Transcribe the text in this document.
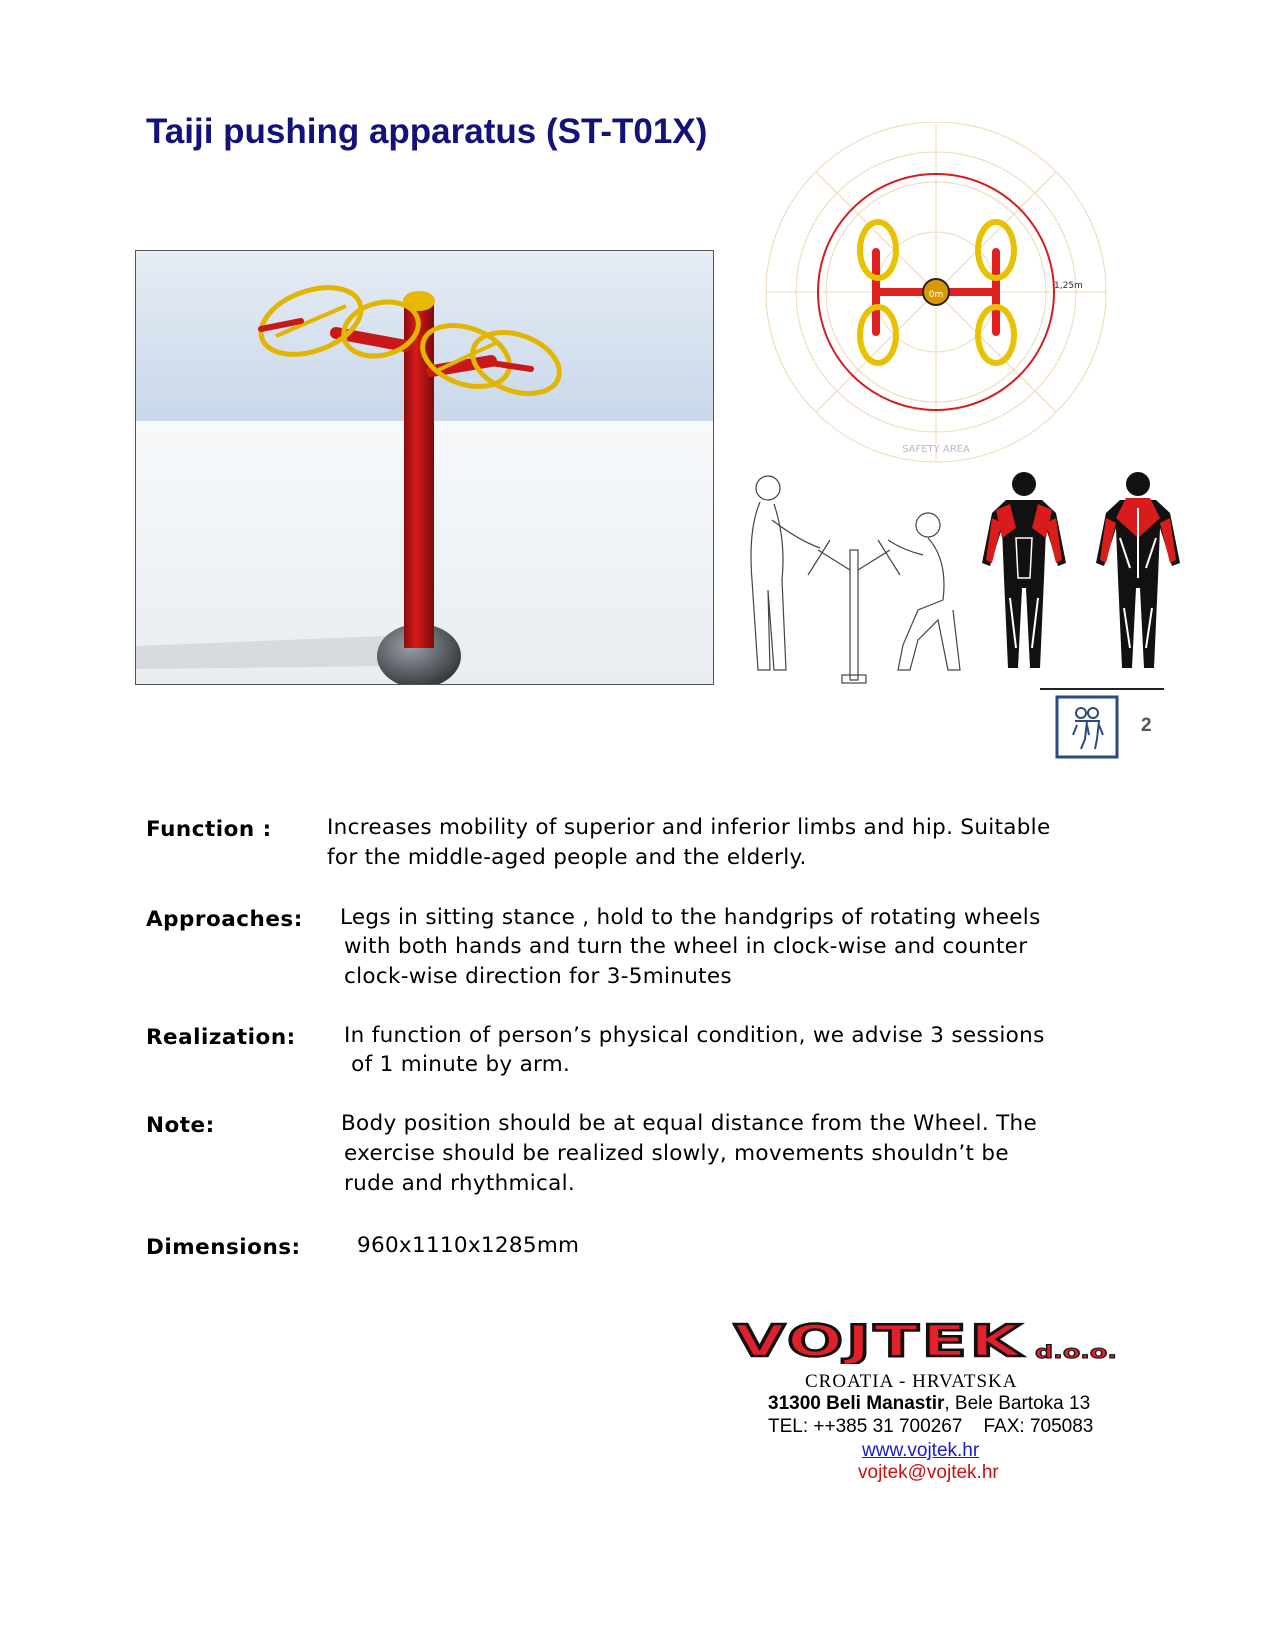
Taiji pushing apparatus (ST-T01X)
0m
1,25m
SAFETY AREA
2
Function :	Increases mobility of superior and inferior limbs and hip. Suitable
for the middle-aged people and the elderly.
Approaches: Legs in sitting stance , hold to the handgrips of rotating wheels
with both hands and turn the wheel in clock-wise and counter
clock-wise direction for 3-5minutes
Realization: In function of person’s physical condition, we advise 3 sessions
of 1 minute by arm.
Note:	Body position should be at equal distance from the Wheel. The
exercise should be realized slowly, movements shouldn’t be
rude and rhythmical.
Dimensions:	960x1110x1285mm
VOJTEK d.o.o.
CROATIA - HRVATSKA
31300 Beli Manastir, Bele Bartoka 13
TEL: ++385 31 700267    FAX: 705083
www.vojtek.hr
vojtek@vojtek.hr
